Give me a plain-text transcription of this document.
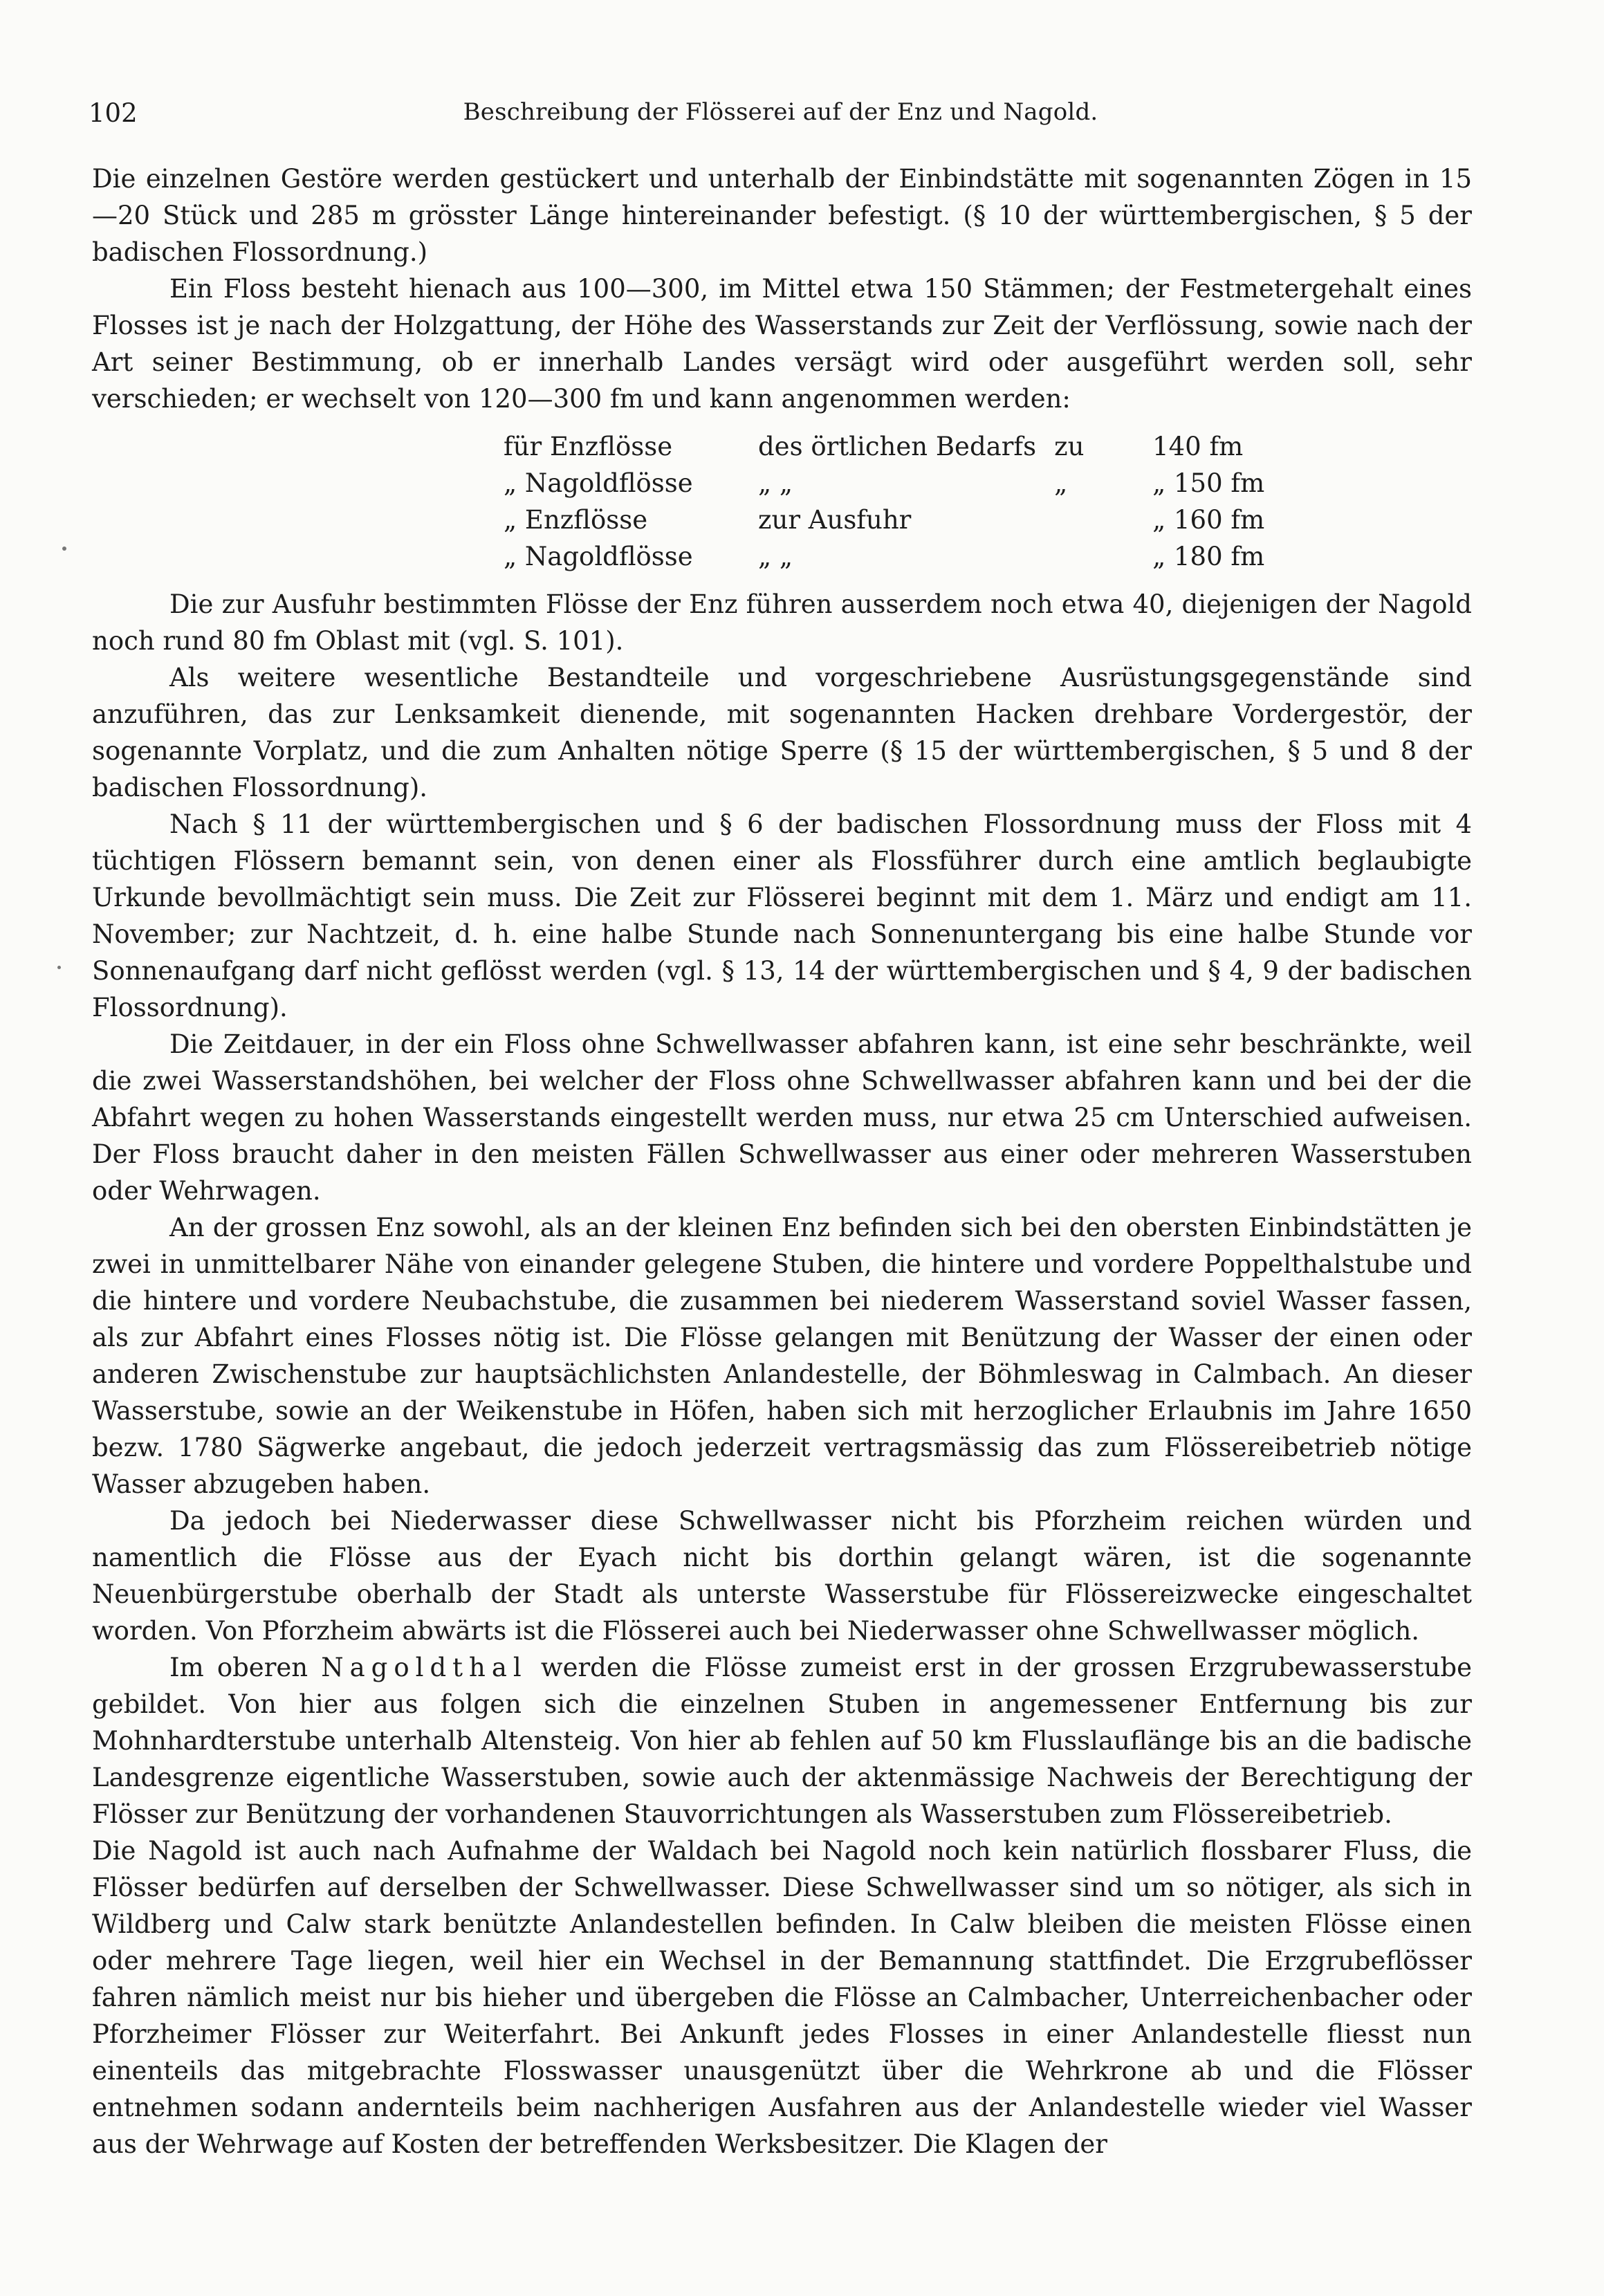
102	Beschreibung der Flösserei auf der Enz und Nagold.

Die einzelnen Gestöre werden gestückert und unterhalb der Einbindstätte mit sogenannten Zögen in 15—20 Stück und 285 m grösster Länge hintereinander befestigt. (§ 10 der württembergischen, § 5 der badischen Flossordnung.)

Ein Floss besteht hienach aus 100—300, im Mittel etwa 150 Stämmen; der Festmetergehalt eines Flosses ist je nach der Holzgattung, der Höhe des Wasserstands zur Zeit der Verflössung, sowie nach der Art seiner Bestimmung, ob er innerhalb Landes versägt wird oder ausgeführt werden soll, sehr verschieden; er wechselt von 120—300 fm und kann angenommen werden:

für Enzflösse	des örtlichen Bedarfs	zu	140 fm
„ Nagoldflösse	„ „	„	„ 150 fm
„ Enzflösse	zur Ausfuhr		„ 160 fm
„ Nagoldflösse	„ „		„ 180 fm

Die zur Ausfuhr bestimmten Flösse der Enz führen ausserdem noch etwa 40, diejenigen der Nagold noch rund 80 fm Oblast mit (vgl. S. 101).

Als weitere wesentliche Bestandteile und vorgeschriebene Ausrüstungsgegenstände sind anzuführen, das zur Lenksamkeit dienende, mit sogenannten Hacken drehbare Vordergestör, der sogenannte Vorplatz, und die zum Anhalten nötige Sperre (§ 15 der württembergischen, § 5 und 8 der badischen Flossordnung).

Nach § 11 der württembergischen und § 6 der badischen Flossordnung muss der Floss mit 4 tüchtigen Flössern bemannt sein, von denen einer als Flossführer durch eine amtlich beglaubigte Urkunde bevollmächtigt sein muss. Die Zeit zur Flösserei beginnt mit dem 1. März und endigt am 11. November; zur Nachtzeit, d. h. eine halbe Stunde nach Sonnenuntergang bis eine halbe Stunde vor Sonnenaufgang darf nicht geflösst werden (vgl. § 13, 14 der württembergischen und § 4, 9 der badischen Flossordnung).

Die Zeitdauer, in der ein Floss ohne Schwellwasser abfahren kann, ist eine sehr beschränkte, weil die zwei Wasserstandshöhen, bei welcher der Floss ohne Schwellwasser abfahren kann und bei der die Abfahrt wegen zu hohen Wasserstands eingestellt werden muss, nur etwa 25 cm Unterschied aufweisen. Der Floss braucht daher in den meisten Fällen Schwellwasser aus einer oder mehreren Wasserstuben oder Wehrwagen.

An der grossen Enz sowohl, als an der kleinen Enz befinden sich bei den obersten Einbindstätten je zwei in unmittelbarer Nähe von einander gelegene Stuben, die hintere und vordere Poppelthalstube und die hintere und vordere Neubachstube, die zusammen bei niederem Wasserstand soviel Wasser fassen, als zur Abfahrt eines Flosses nötig ist. Die Flösse gelangen mit Benützung der Wasser der einen oder anderen Zwischenstube zur hauptsächlichsten Anlandestelle, der Böhmleswag in Calmbach. An dieser Wasserstube, sowie an der Weikenstube in Höfen, haben sich mit herzoglicher Erlaubnis im Jahre 1650 bezw. 1780 Sägwerke angebaut, die jedoch jederzeit vertragsmässig das zum Flössereibetrieb nötige Wasser abzugeben haben.

Da jedoch bei Niederwasser diese Schwellwasser nicht bis Pforzheim reichen würden und namentlich die Flösse aus der Eyach nicht bis dorthin gelangt wären, ist die sogenannte Neuenbürgerstube oberhalb der Stadt als unterste Wasserstube für Flössereizwecke eingeschaltet worden. Von Pforzheim abwärts ist die Flösserei auch bei Niederwasser ohne Schwellwasser möglich.

Im oberen Nagoldthal werden die Flösse zumeist erst in der grossen Erzgrubewasserstube gebildet. Von hier aus folgen sich die einzelnen Stuben in angemessener Entfernung bis zur Mohnhardterstube unterhalb Altensteig. Von hier ab fehlen auf 50 km Flusslauflänge bis an die badische Landesgrenze eigentliche Wasserstuben, sowie auch der aktenmässige Nachweis der Berechtigung der Flösser zur Benützung der vorhandenen Stauvorrichtungen als Wasserstuben zum Flössereibetrieb.

Die Nagold ist auch nach Aufnahme der Waldach bei Nagold noch kein natürlich flossbarer Fluss, die Flösser bedürfen auf derselben der Schwellwasser. Diese Schwellwasser sind um so nötiger, als sich in Wildberg und Calw stark benützte Anlandestellen befinden. In Calw bleiben die meisten Flösse einen oder mehrere Tage liegen, weil hier ein Wechsel in der Bemannung stattfindet. Die Erzgrubeflösser fahren nämlich meist nur bis hieher und übergeben die Flösse an Calmbacher, Unterreichenbacher oder Pforzheimer Flösser zur Weiterfahrt. Bei Ankunft jedes Flosses in einer Anlandestelle fliesst nun einenteils das mitgebrachte Flosswasser unausgenützt über die Wehrkrone ab und die Flösser entnehmen sodann andernteils beim nachherigen Ausfahren aus der Anlandestelle wieder viel Wasser aus der Wehrwage auf Kosten der betreffenden Werksbesitzer. Die Klagen der
